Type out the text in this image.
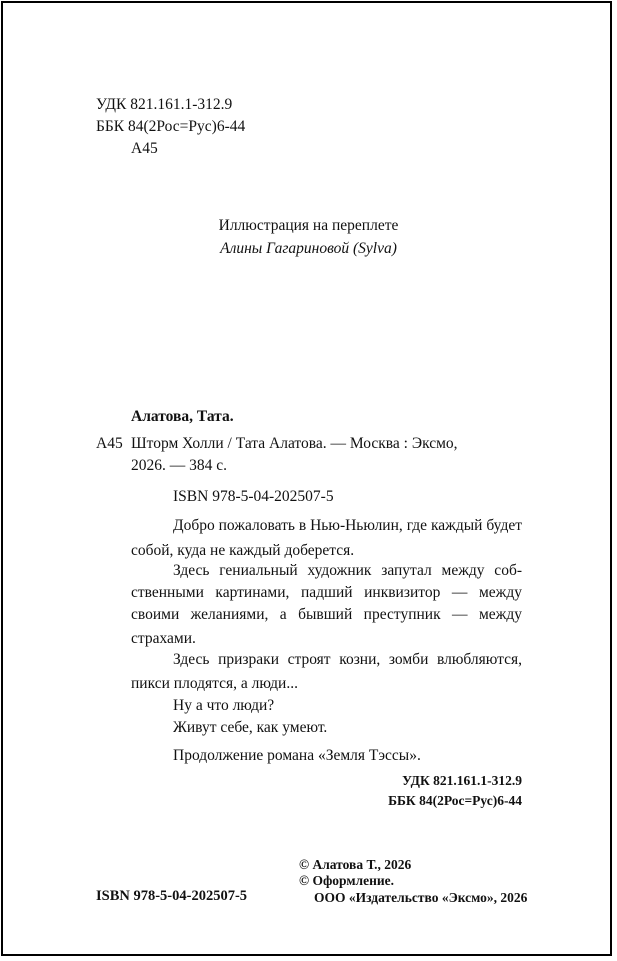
УДК 821.161.1-312.9
ББК 84(2Рос=Рус)6-44
А45
Иллюстрация на переплете
Алины Гагариновой (Sylva)
Алатова, Тата.
А45 Шторм Холли / Тата Алатова. — Москва : Эксмо,
2026. — 384 с.
ISBN 978-5-04-202507-5
Добро пожаловать в Нью-Ньюлин, где каждый будет
собой, куда не каждый доберется.
Здесь гениальный художник запутал между соб-
ственными картинами, падший инквизитор — между
своими желаниями, а бывший преступник — между
страхами.
Здесь призраки строят козни, зомби влюбляются,
пикси плодятся, а люди...
Ну а что люди?
Живут себе, как умеют.
Продолжение романа «Земля Тэссы».
УДК 821.161.1-312.9
ББК 84(2Рос=Рус)6-44
© Алатова Т., 2026
© Оформление.
ISBN 978-5-04-202507-5	ООО «Издательство «Эксмо», 2026
